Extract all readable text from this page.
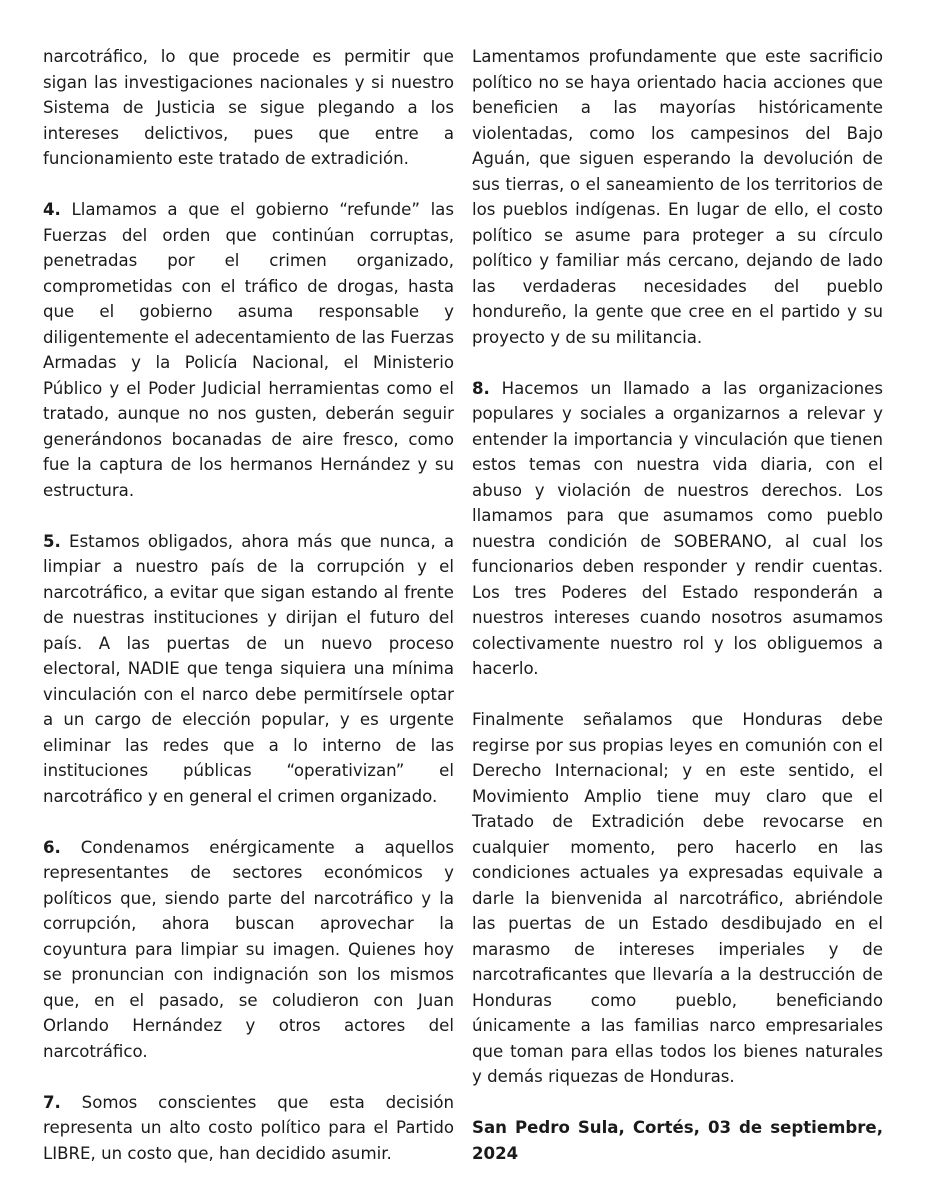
narcotráfico, lo que procede es permitir que sigan las investigaciones nacionales y si nuestro Sistema de Justicia se sigue plegando a los intereses delictivos, pues que entre a funcionamiento este tratado de extradición.

4. Llamamos a que el gobierno “refunde” las Fuerzas del orden que continúan corruptas, penetradas por el crimen organizado, comprometidas con el tráfico de drogas, hasta que el gobierno asuma responsable y diligentemente el adecentamiento de las Fuerzas Armadas y la Policía Nacional, el Ministerio Público y el Poder Judicial herramientas como el tratado, aunque no nos gusten, deberán seguir generándonos bocanadas de aire fresco, como fue la captura de los hermanos Hernández y su estructura.

5. Estamos obligados, ahora más que nunca, a limpiar a nuestro país de la corrupción y el narcotráfico, a evitar que sigan estando al frente de nuestras instituciones y dirijan el futuro del país. A las puertas de un nuevo proceso electoral, NADIE que tenga siquiera una mínima vinculación con el narco debe permitírsele optar a un cargo de elección popular, y es urgente eliminar las redes que a lo interno de las instituciones públicas “operativizan” el narcotráfico y en general el crimen organizado.

6. Condenamos enérgicamente a aquellos representantes de sectores económicos y políticos que, siendo parte del narcotráfico y la corrupción, ahora buscan aprovechar la coyuntura para limpiar su imagen. Quienes hoy se pronuncian con indignación son los mismos que, en el pasado, se coludieron con Juan Orlando Hernández y otros actores del narcotráfico.

7. Somos conscientes que esta decisión representa un alto costo político para el Partido LIBRE, un costo que, han decidido asumir.

Lamentamos profundamente que este sacrificio político no se haya orientado hacia acciones que beneficien a las mayorías históricamente violentadas, como los campesinos del Bajo Aguán, que siguen esperando la devolución de sus tierras, o el saneamiento de los territorios de los pueblos indígenas. En lugar de ello, el costo político se asume para proteger a su círculo político y familiar más cercano, dejando de lado las verdaderas necesidades del pueblo hondureño, la gente que cree en el partido y su proyecto y de su militancia.

8. Hacemos un llamado a las organizaciones populares y sociales a organizarnos a relevar y entender la importancia y vinculación que tienen estos temas con nuestra vida diaria, con el abuso y violación de nuestros derechos. Los llamamos para que asumamos como pueblo nuestra condición de SOBERANO, al cual los funcionarios deben responder y rendir cuentas. Los tres Poderes del Estado responderán a nuestros intereses cuando nosotros asumamos colectivamente nuestro rol y los obliguemos a hacerlo.

Finalmente señalamos que Honduras debe regirse por sus propias leyes en comunión con el Derecho Internacional; y en este sentido, el Movimiento Amplio tiene muy claro que el Tratado de Extradición debe revocarse en cualquier momento, pero hacerlo en las condiciones actuales ya expresadas equivale a darle la bienvenida al narcotráfico, abriéndole las puertas de un Estado desdibujado en el marasmo de intereses imperiales y de narcotraficantes que llevaría a la destrucción de Honduras como pueblo, beneficiando únicamente a las familias narco empresariales que toman para ellas todos los bienes naturales y demás riquezas de Honduras.

San Pedro Sula, Cortés, 03 de septiembre, 2024
